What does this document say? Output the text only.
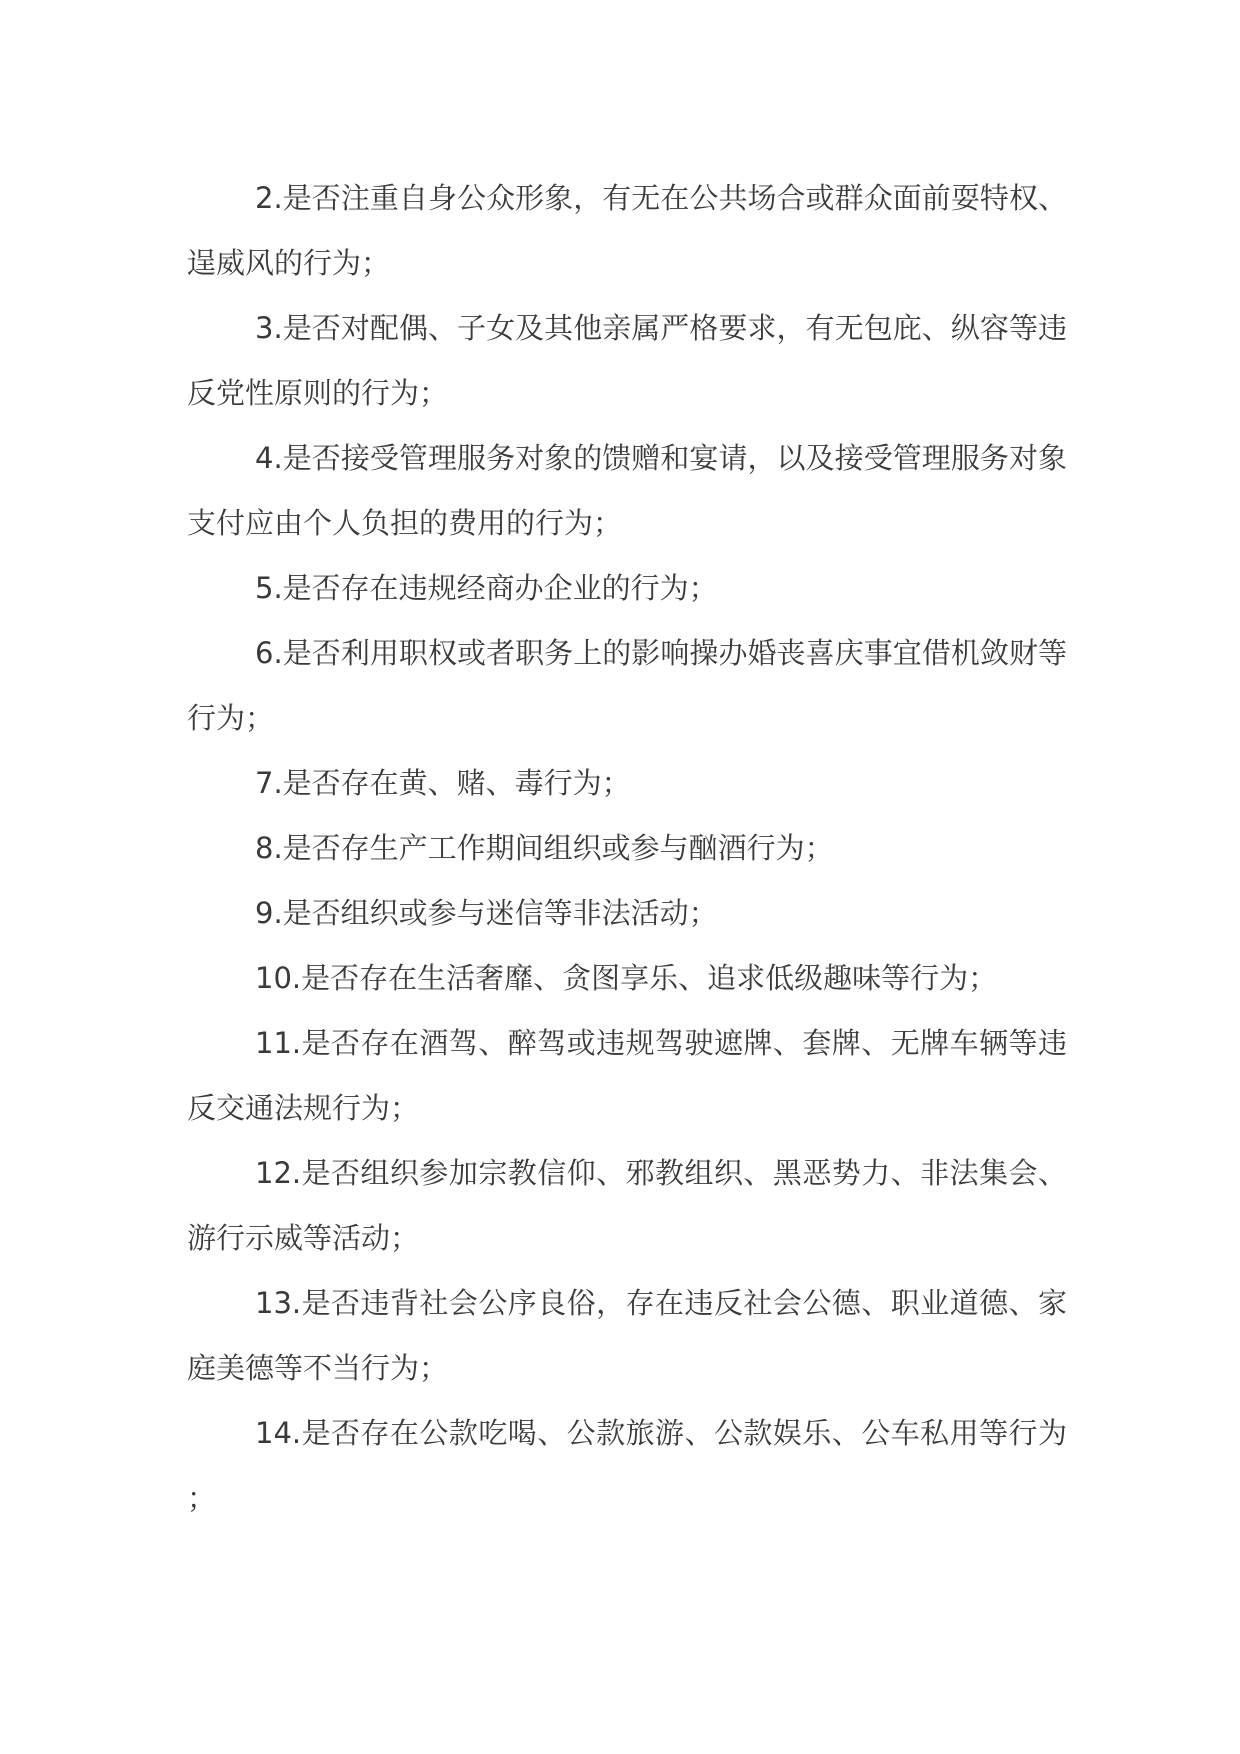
2.是否注重自身公众形象，有无在公共场合或群众面前耍特权、逞威风的行为；

3.是否对配偶、子女及其他亲属严格要求，有无包庇、纵容等违反党性原则的行为；

4.是否接受管理服务对象的馈赠和宴请，以及接受管理服务对象支付应由个人负担的费用的行为；

5.是否存在违规经商办企业的行为；

6.是否利用职权或者职务上的影响操办婚丧喜庆事宜借机敛财等行为；

7.是否存在黄、赌、毒行为；

8.是否存生产工作期间组织或参与酗酒行为；

9.是否组织或参与迷信等非法活动；

10.是否存在生活奢靡、贪图享乐、追求低级趣味等行为；

11.是否存在酒驾、醉驾或违规驾驶遮牌、套牌、无牌车辆等违反交通法规行为；

12.是否组织参加宗教信仰、邪教组织、黑恶势力、非法集会、游行示威等活动；

13.是否违背社会公序良俗，存在违反社会公德、职业道德、家庭美德等不当行为；

14.是否存在公款吃喝、公款旅游、公款娱乐、公车私用等行为；
